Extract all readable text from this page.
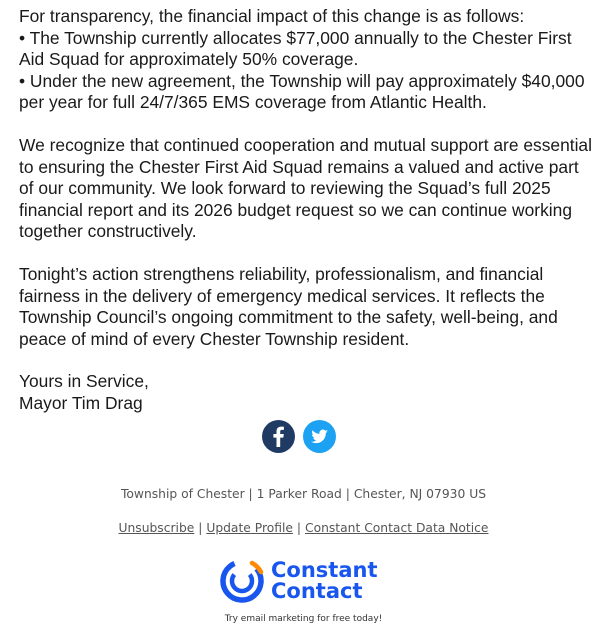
For transparency, the financial impact of this change is as follows:
• The Township currently allocates $77,000 annually to the Chester First Aid Squad for approximately 50% coverage.
• Under the new agreement, the Township will pay approximately $40,000 per year for full 24/7/365 EMS coverage from Atlantic Health.

We recognize that continued cooperation and mutual support are essential to ensuring the Chester First Aid Squad remains a valued and active part of our community. We look forward to reviewing the Squad’s full 2025 financial report and its 2026 budget request so we can continue working together constructively.

Tonight’s action strengthens reliability, professionalism, and financial fairness in the delivery of emergency medical services. It reflects the Township Council’s ongoing commitment to the safety, well-being, and peace of mind of every Chester Township resident.

Yours in Service,
Mayor Tim Drag

Township of Chester | 1 Parker Road | Chester, NJ 07930 US
Unsubscribe | Update Profile | Constant Contact Data Notice
Constant
Contact
Try email marketing for free today!
